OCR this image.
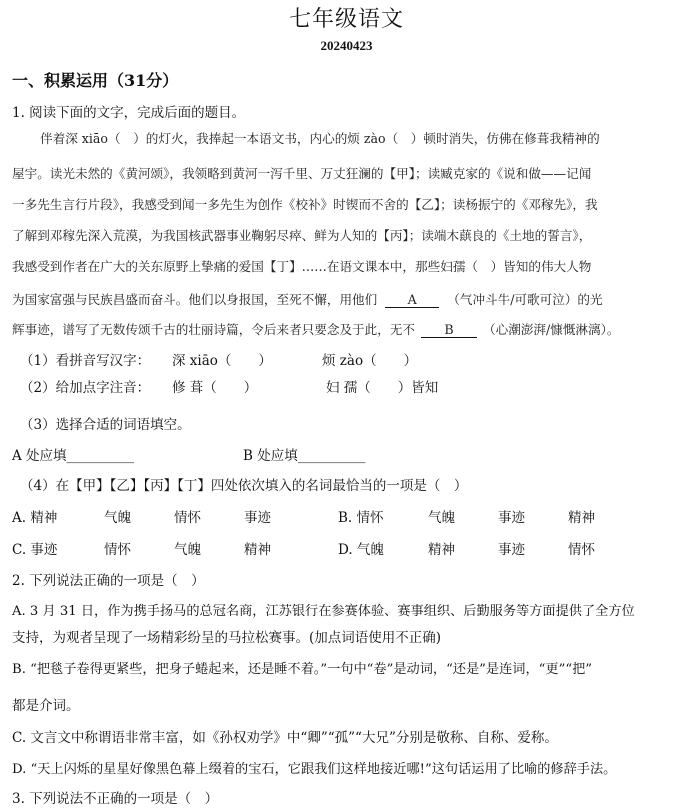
七年级语文
20240423
一、积累运用（31分）
1. 阅读下面的文字，完成后面的题目。
伴着深 xiāo（　）的灯火，我捧起一本语文书，内心的烦 zào（　）顿时消失，仿佛在修葺我精神的
屋宇。读光未然的《黄河颂》，我领略到黄河一泻千里、万丈狂澜的【甲】；读臧克家的《说和做——记闻
一多先生言行片段》，我感受到闻一多先生为创作《校补》时锲而不舍的【乙】；读杨振宁的《邓稼先》，我
了解到邓稼先深入荒漠，为我国核武器事业鞠躬尽瘁、鲜为人知的【丙】；读端木蕻良的《土地的誓言》，
我感受到作者在广大的关东原野上挚痛的爱国【丁】……在语文课本中，那些妇孺（　）皆知的伟大人物
为国家富强与民族昌盛而奋斗。他们以身报国，至死不懈，用他们 A （气冲斗牛/可歌可泣）的光
辉事迹，谱写了无数传颂千古的壮丽诗篇，令后来者只要念及于此，无不 B （心潮澎湃/慷慨淋漓）。
（1）看拼音写汉字： 深 xiāo（　　）	烦 zào（　　）
（2）给加点字注音： 修 葺（　　）	妇 孺（　　）皆知
（3）选择合适的词语填空。
A 处应填__________	B 处应填__________
（4）在【甲】【乙】【丙】【丁】四处依次填入的名词最恰当的一项是（　）
A. 精神	气魄	情怀	事迹	B. 情怀	气魄	事迹	精神
C. 事迹	情怀	气魄	精神	D. 气魄	精神	事迹	情怀
2. 下列说法正确的一项是（　）
A. 3 月 31 日，作为携手扬马的总冠名商，江苏银行在参赛体验、赛事组织、后勤服务等方面提供了全方位
支持，为观者呈现了一场精彩纷呈的马拉松赛事。(加点词语使用不正确)
B. “把毯子卷得更紧些，把身子蜷起来，还是睡不着。”一句中“卷”是动词，“还是”是连词，“更”“把”
都是介词。
C. 文言文中称谓语非常丰富，如《孙权劝学》中“卿”“孤”“大兄”分别是敬称、自称、爱称。
D. “天上闪烁的星星好像黑色幕上缀着的宝石，它跟我们这样地接近哪!”这句话运用了比喻的修辞手法。
3. 下列说法不正确的一项是（　）
